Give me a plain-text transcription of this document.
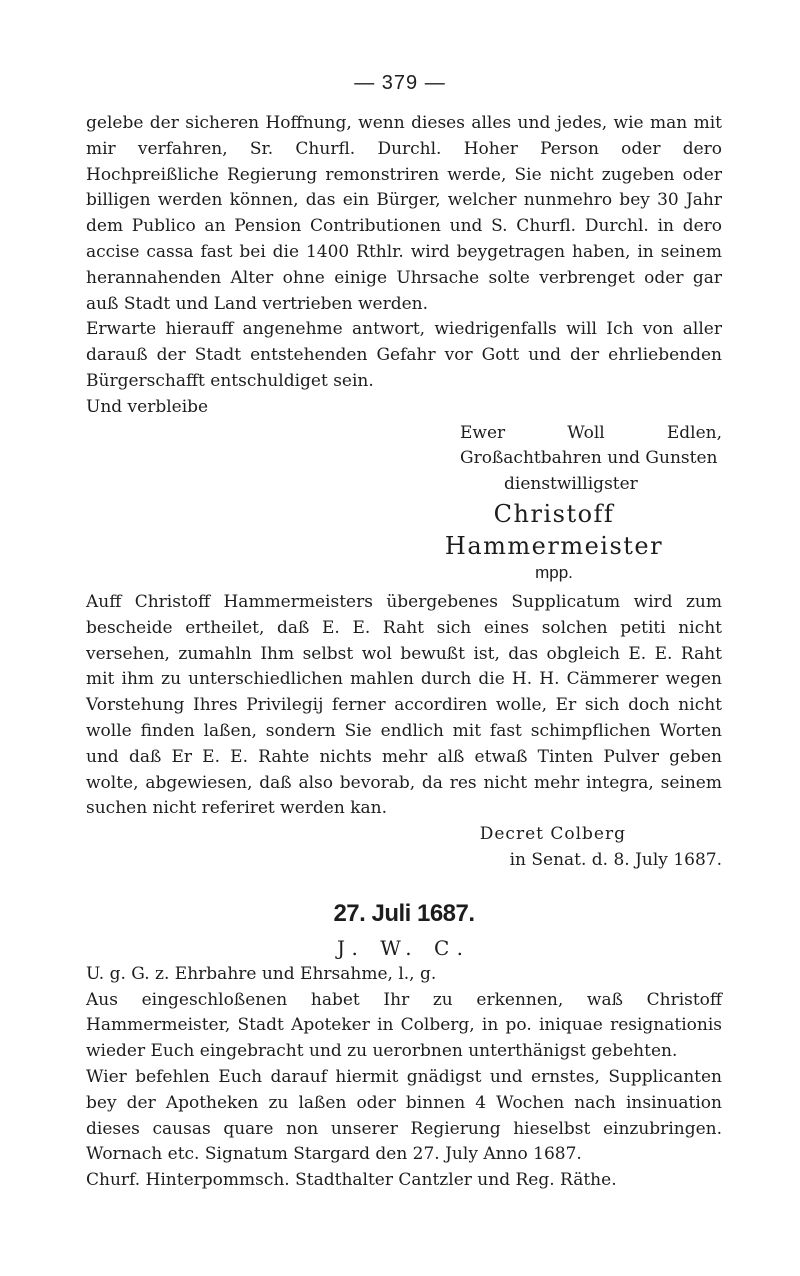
— 379 —

gelebe der sicheren Hoffnung, wenn dieses alles und jedes, wie man mit mir verfahren, Sr. Churfl. Durchl. Hoher Person oder dero Hochpreißliche Regierung remonstriren werde, Sie nicht zugeben oder billigen werden können, das ein Bürger, welcher nunmehro bey 30 Jahr dem Publico an Pension Contributionen und S. Churfl. Durchl. in dero accise cassa fast bei die 1400 Rthlr. wird beygetragen haben, in seinem herannahenden Alter ohne einige Uhrsache solte verbrenget oder gar auß Stadt und Land vertrieben werden.

Erwarte hierauff angenehme antwort, wiedrigenfalls will Ich von aller darauß der Stadt entstehenden Gefahr vor Gott und der ehrliebenden Bürgerschafft entschuldiget sein.

Und verbleibe

Ewer Woll Edlen, Großachtbahren und Gunsten

dienstwilligster

Christoff Hammermeister

mpp.

Auff Christoff Hammermeisters übergebenes Supplicatum wird zum bescheide ertheilet, daß E. E. Raht sich eines solchen petiti nicht versehen, zumahln Ihm selbst wol bewußt ist, das obgleich E. E. Raht mit ihm zu unterschiedlichen mahlen durch die H. H. Cämmerer wegen Vorstehung Ihres Privilegij ferner accordiren wolle, Er sich doch nicht wolle finden laßen, sondern Sie endlich mit fast schimpflichen Worten und daß Er E. E. Rahte nichts mehr alß etwaß Tinten Pulver geben wolte, abgewiesen, daß also bevorab, da res nicht mehr integra, seinem suchen nicht referiret werden kan.

Decret Colberg

in Senat. d. 8. July 1687.

27. Juli 1687.
J. W. C.

U. g. G. z. Ehrbahre und Ehrsahme, l., g.

Aus eingeschloßenen habet Ihr zu erkennen, waß Christoff Hammermeister, Stadt Apoteker in Colberg, in po. iniquae resignationis wieder Euch eingebracht und zu uerorbnen unterthänigst gebehten.

Wier befehlen Euch darauf hiermit gnädigst und ernstes, Supplicanten bey der Apotheken zu laßen oder binnen 4 Wochen nach insinuation dieses causas quare non unserer Regierung hieselbst einzubringen. Wornach etc. Signatum Stargard den 27. July Anno 1687.

Churf. Hinterpommsch. Stadthalter Cantzler und Reg. Räthe.
